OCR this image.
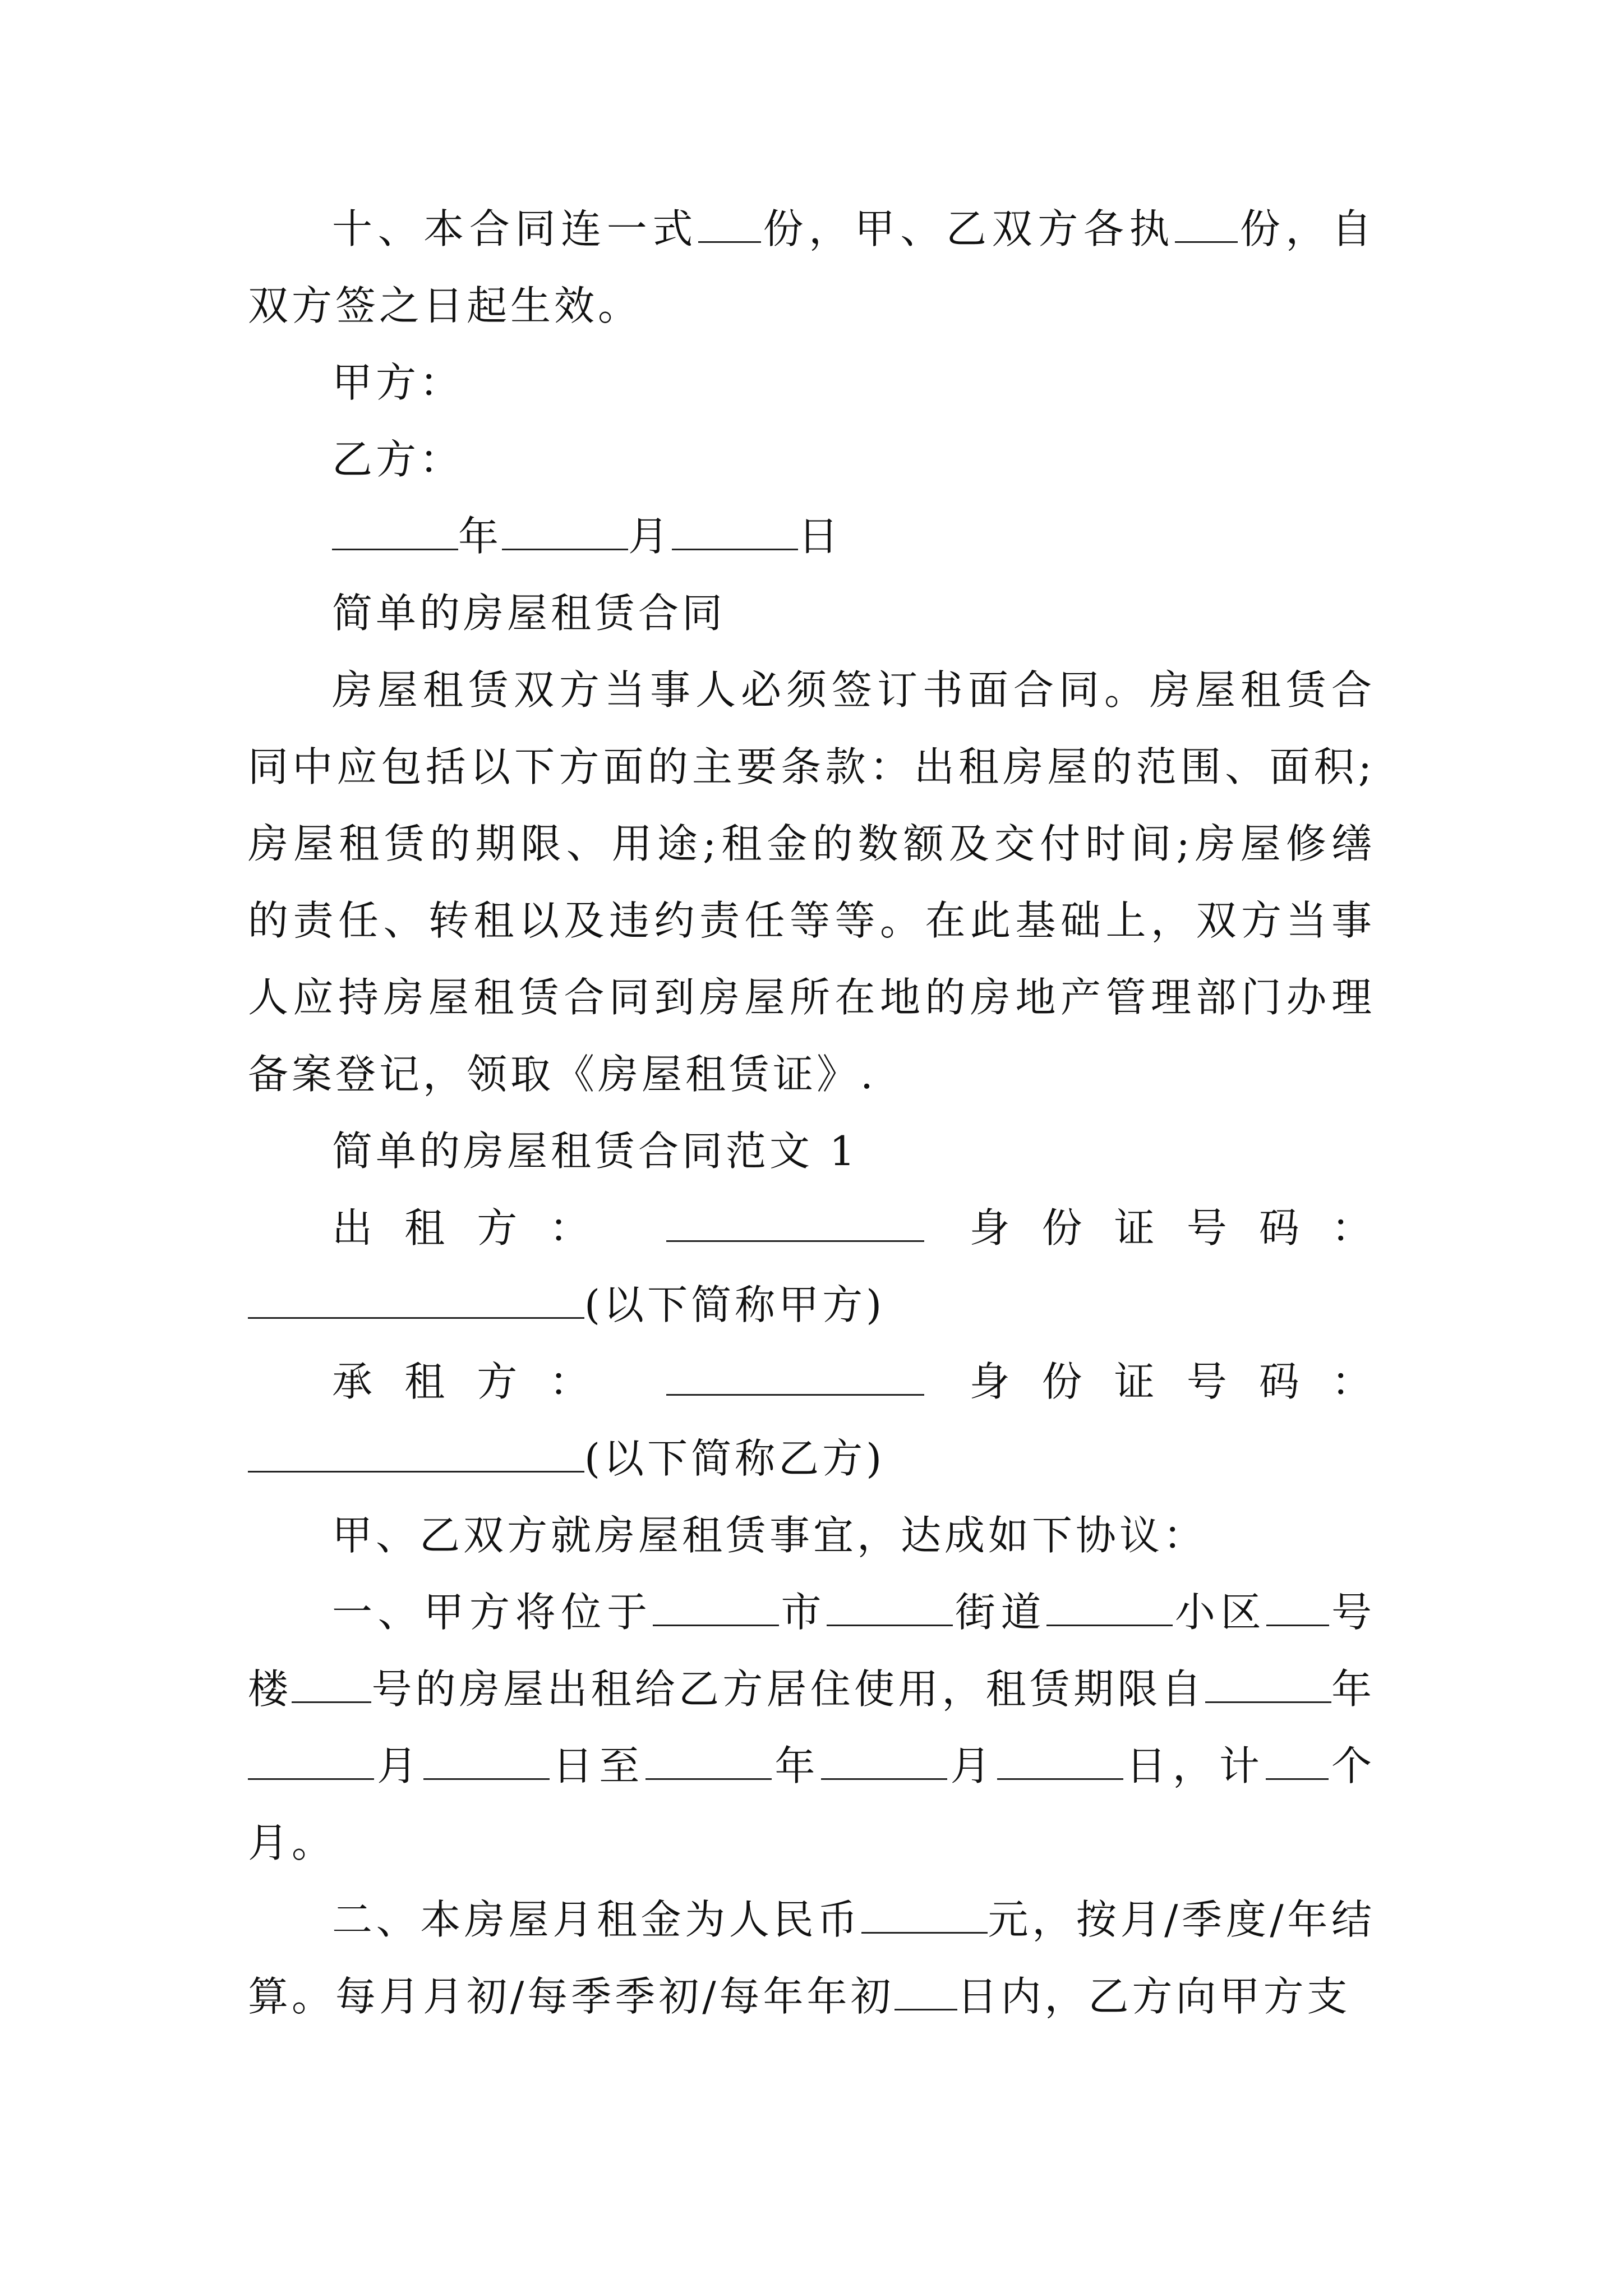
十、本合同连一式 份，甲、乙双方各执 份，自双方签之日起生效。

甲方：

乙方：

年	月	日

简单的房屋租赁合同

房屋租赁双方当事人必须签订书面合同。房屋租赁合同中应包括以下方面的主要条款：出租房屋的范围、面积;房屋租赁的期限、用途;租金的数额及交付时间;房屋修缮的责任、转租以及违约责任等等。在此基础上，双方当事人应持房屋租赁合同到房屋所在地的房地产管理部门办理备案登记，领取《房屋租赁证》.

简单的房屋租赁合同范文 1

出租方：	身份证号码：

(以下简称甲方)

承租方：	身份证号码：

(以下简称乙方)

甲、乙双方就房屋租赁事宜，达成如下协议：

一、甲方将位于	市	街道	小区 号楼 号的房屋出租给乙方居住使用，租赁期限自	年月	日至	年	月	日，计 个月。

二、本房屋月租金为人民币	元，按月/季度/年结算。每月月初/每季季初/每年年初 日内，乙方向甲方支
